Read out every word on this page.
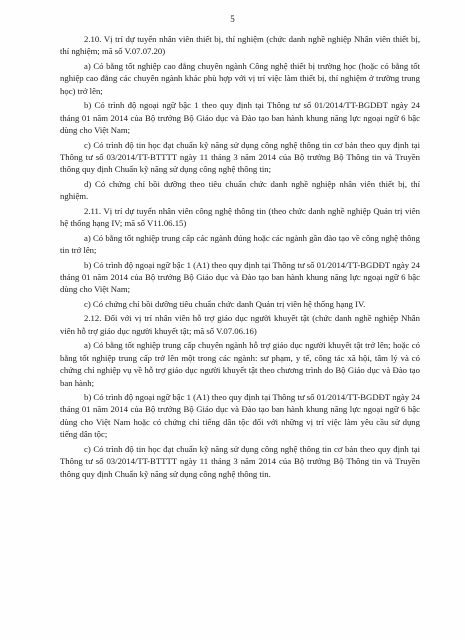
5

2.10. Vị trí dự tuyển nhân viên thiết bị, thí nghiệm (chức danh nghề nghiệp Nhân viên thiết bị, thí nghiệm; mã số V.07.07.20)

a) Có bằng tốt nghiệp cao đẳng chuyên ngành Công nghệ thiết bị trường học (hoặc có bằng tốt nghiệp cao đẳng các chuyên ngành khác phù hợp với vị trí việc làm thiết bị, thí nghiệm ở trường trung học) trở lên;

b) Có trình độ ngoại ngữ bậc 1 theo quy định tại Thông tư số 01/2014/TT-BGDĐT ngày 24 tháng 01 năm 2014 của Bộ trưởng Bộ Giáo dục và Đào tạo ban hành khung năng lực ngoại ngữ 6 bậc dùng cho Việt Nam;

c) Có trình độ tin học đạt chuẩn kỹ năng sử dụng công nghệ thông tin cơ bản theo quy định tại Thông tư số 03/2014/TT-BTTTT ngày 11 tháng 3 năm 2014 của Bộ trưởng Bộ Thông tin và Truyền thông quy định Chuẩn kỹ năng sử dụng công nghệ thông tin;

d) Có chứng chỉ bồi dưỡng theo tiêu chuẩn chức danh nghề nghiệp nhân viên thiết bị, thí nghiệm.

2.11. Vị trí dự tuyển nhân viên công nghệ thông tin (theo chức danh nghề nghiệp Quản trị viên hệ thống hạng IV; mã số V11.06.15)

a) Có bằng tốt nghiệp trung cấp các ngành đúng hoặc các ngành gần đào tạo về công nghệ thông tin trở lên;

b) Có trình độ ngoại ngữ bậc 1 (A1) theo quy định tại Thông tư số 01/2014/TT-BGDĐT ngày 24 tháng 01 năm 2014 của Bộ trưởng Bộ Giáo dục và Đào tạo ban hành khung năng lực ngoại ngữ 6 bậc dùng cho Việt Nam;

c) Có chứng chỉ bồi dưỡng tiêu chuẩn chức danh Quản trị viên hệ thống hạng IV.

2.12. Đối với vị trí nhân viên hỗ trợ giáo dục người khuyết tật (chức danh nghề nghiệp Nhân viên hỗ trợ giáo dục người khuyết tật; mã số V.07.06.16)

a) Có bằng tốt nghiệp trung cấp chuyên ngành hỗ trợ giáo dục người khuyết tật trở lên; hoặc có bằng tốt nghiệp trung cấp trở lên một trong các ngành: sư phạm, y tế, công tác xã hội, tâm lý và có chứng chỉ nghiệp vụ về hỗ trợ giáo dục người khuyết tật theo chương trình do Bộ Giáo dục và Đào tạo ban hành;

b) Có trình độ ngoại ngữ bậc 1 (A1) theo quy định tại Thông tư số 01/2014/TT-BGDĐT ngày 24 tháng 01 năm 2014 của Bộ trưởng Bộ Giáo dục và Đào tạo ban hành khung năng lực ngoại ngữ 6 bậc dùng cho Việt Nam hoặc có chứng chỉ tiếng dân tộc đối với những vị trí việc làm yêu cầu sử dụng tiếng dân tộc;

c) Có trình độ tin học đạt chuẩn kỹ năng sử dụng công nghệ thông tin cơ bản theo quy định tại Thông tư số 03/2014/TT-BTTTT ngày 11 tháng 3 năm 2014 của Bộ trưởng Bộ Thông tin và Truyền thông quy định Chuẩn kỹ năng sử dụng công nghệ thông tin.
